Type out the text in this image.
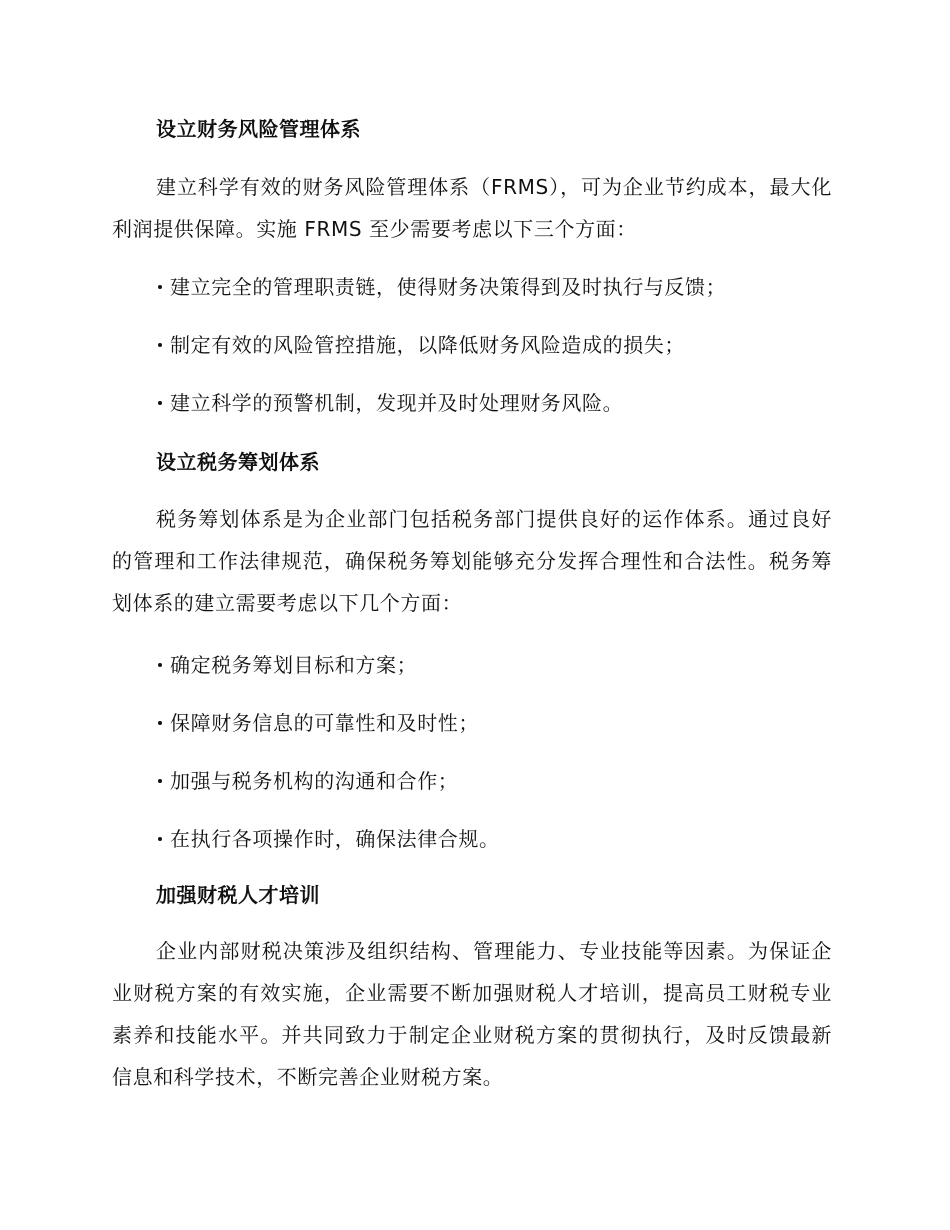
设立财务风险管理体系

建立科学有效的财务风险管理体系（FRMS），可为企业节约成本，最大化利润提供保障。实施 FRMS 至少需要考虑以下三个方面：

建立完全的管理职责链，使得财务决策得到及时执行与反馈；
制定有效的风险管控措施，以降低财务风险造成的损失；
建立科学的预警机制，发现并及时处理财务风险。
设立税务筹划体系

税务筹划体系是为企业部门包括税务部门提供良好的运作体系。通过良好的管理和工作法律规范，确保税务筹划能够充分发挥合理性和合法性。税务筹划体系的建立需要考虑以下几个方面：

确定税务筹划目标和方案；
保障财务信息的可靠性和及时性；
加强与税务机构的沟通和合作；
在执行各项操作时，确保法律合规。
加强财税人才培训

企业内部财税决策涉及组织结构、管理能力、专业技能等因素。为保证企业财税方案的有效实施，企业需要不断加强财税人才培训，提高员工财税专业素养和技能水平。并共同致力于制定企业财税方案的贯彻执行，及时反馈最新信息和科学技术，不断完善企业财税方案。
